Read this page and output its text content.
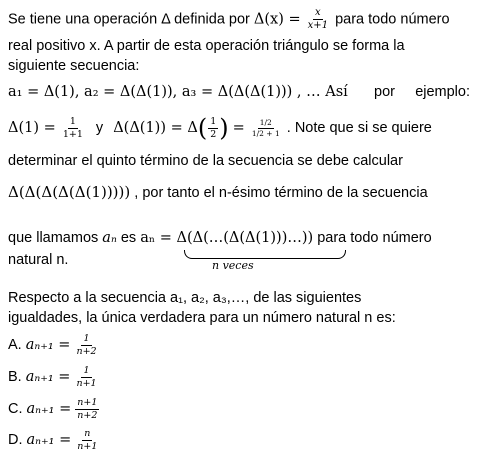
Se tiene una operación Δ definida por $\Delta(x) = \frac{x}{x+1}$ para todo número
real positivo x. A partir de esta operación triángulo se forma la
siguiente secuencia:
a₁ = Δ(1), a₂ = Δ(Δ(1)), a₃ = Δ(Δ(Δ(1))) , … Así por ejemplo:
$\Delta(1) = \frac{1}{1+1}$ y $\Delta(\Delta(1)) = \Delta( \frac{1}{2}$ ) = $\frac{1/2}{1/2 + 1}$ . Note que si se quiere
determinar el quinto término de la secuencia se debe calcular
Δ(Δ(Δ(Δ(Δ(1))))) , por tanto el n-ésimo término de la secuencia
que llamamos aₙ es aₙ = Δ(Δ(…(Δ(Δ(1)))…)) para todo número
n veces
natural n.
Respecto a la secuencia a₁, a₂, a₃,…, de las siguientes
igualdades, la única verdadera para un número natural n es:
A. $a_{n+1} = \frac{1}{n+2}$
B. $a_{n+1} = \frac{1}{n+1}$
C. $a_{n+1} = \frac{n+1}{n+2}$
D. $a_{n+1} = \frac{n}{n+1}$
